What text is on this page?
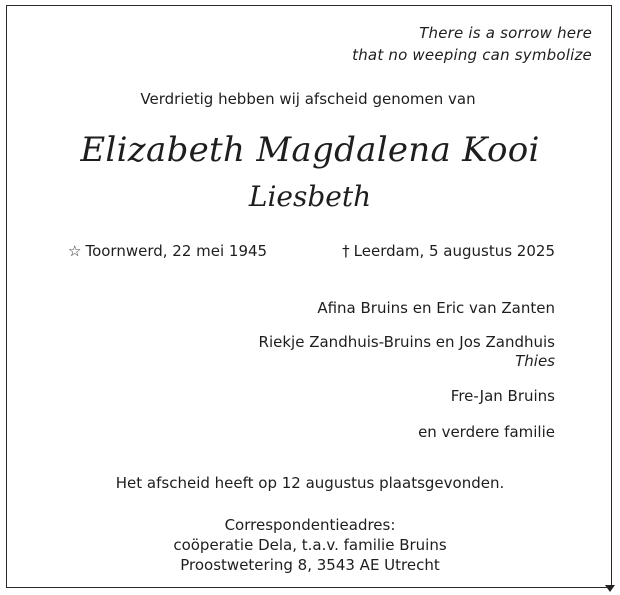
There is a sorrow here
that no weeping can symbolize
Verdrietig hebben wij afscheid genomen van
Elizabeth Magdalena Kooi
Liesbeth
☆ Toornwerd, 22 mei 1945	† Leerdam, 5 augustus 2025
Afina Bruins en Eric van Zanten
Riekje Zandhuis-Bruins en Jos Zandhuis
Thies
Fre-Jan Bruins
en verdere familie
Het afscheid heeft op 12 augustus plaatsgevonden.
Correspondentieadres:
coöperatie Dela, t.a.v. familie Bruins
Proostwetering 8, 3543 AE Utrecht
